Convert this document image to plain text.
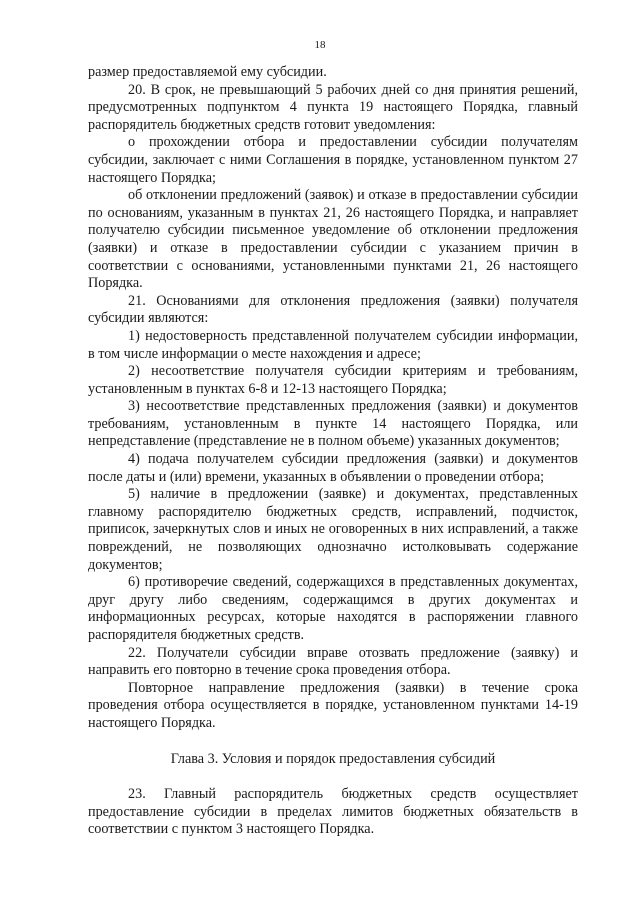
18

размер предоставляемой ему субсидии.

20. В срок, не превышающий 5 рабочих дней со дня принятия решений, предусмотренных подпунктом 4 пункта 19 настоящего Порядка, главный распорядитель бюджетных средств готовит уведомления:

о прохождении отбора и предоставлении субсидии получателям субсидии, заключает с ними Соглашения в порядке, установленном пунктом 27 настоящего Порядка;

об отклонении предложений (заявок) и отказе в предоставлении субсидии по основаниям, указанным в пунктах 21, 26 настоящего Порядка, и направляет получателю субсидии письменное уведомление об отклонении предложения (заявки) и отказе в предоставлении субсидии с указанием причин в соответствии с основаниями, установленными пунктами 21, 26 настоящего Порядка.

21. Основаниями для отклонения предложения (заявки) получателя субсидии являются:

1) недостоверность представленной получателем субсидии информации, в том числе информации о месте нахождения и адресе;

2) несоответствие получателя субсидии критериям и требованиям, установленным в пунктах 6-8 и 12-13 настоящего Порядка;

3) несоответствие представленных предложения (заявки) и документов требованиям, установленным в пункте 14 настоящего Порядка, или непредставление (представление не в полном объеме) указанных документов;

4) подача получателем субсидии предложения (заявки) и документов после даты и (или) времени, указанных в объявлении о проведении отбора;

5) наличие в предложении (заявке) и документах, представленных главному распорядителю бюджетных средств, исправлений, подчисток, приписок, зачеркнутых слов и иных не оговоренных в них исправлений, а также повреждений, не позволяющих однозначно истолковывать содержание документов;

6) противоречие сведений, содержащихся в представленных документах, друг другу либо сведениям, содержащимся в других документах и информационных ресурсах, которые находятся в распоряжении главного распорядителя бюджетных средств.

22. Получатели субсидии вправе отозвать предложение (заявку) и направить его повторно в течение срока проведения отбора.

Повторное направление предложения (заявки) в течение срока проведения отбора осуществляется в порядке, установленном пунктами 14-19 настоящего Порядка.

Глава 3. Условия и порядок предоставления субсидий

23. Главный распорядитель бюджетных средств осуществляет предоставление субсидии в пределах лимитов бюджетных обязательств в соответствии с пунктом 3 настоящего Порядка.
